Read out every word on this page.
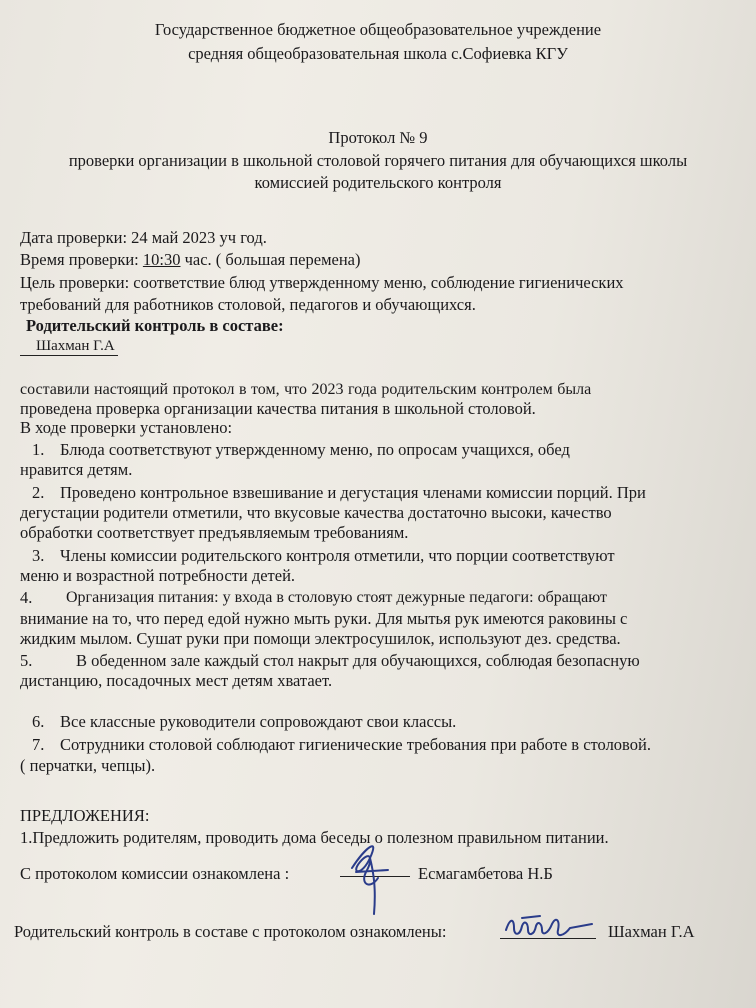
Государственное бюджетное общеобразовательное учреждение
средняя общеобразовательная школа с.Софиевка КГУ
Протокол № 9
проверки организации в школьной столовой горячего питания для обучающихся школы
комиссией родительского контроля
Дата проверки: 24 май 2023 уч год.
Время проверки: 10:30 час. ( большая перемена)
Цель проверки: соответствие блюд утвержденному меню, соблюдение гигиенических
требований для работников столовой, педагогов и обучающихся.
Родительский контроль в составе:
Шахман Г.А
составили настоящий протокол в том, что 2023 года родительским контролем была
проведена проверка организации качества питания в школьной столовой.
В ходе проверки установлено:
1. Блюда соответствуют утвержденному меню, по опросам учащихся, обед
нравится детям.
2. Проведено контрольное взвешивание и дегустация членами комиссии порций. При
дегустации родители отметили, что вкусовые качества достаточно высоки, качество
обработки соответствует предъявляемым требованиям.
3. Члены комиссии родительского контроля отметили, что порции соответствуют
меню и возрастной потребности детей.
4. Организация питания: у входа в столовую стоят дежурные педагоги: обращают
внимание на то, что перед едой нужно мыть руки. Для мытья рук имеются раковины с
жидким мылом. Сушат руки при помощи электросушилок, используют дез. средства.
5.	В обеденном зале каждый стол накрыт для обучающихся, соблюдая безопасную
дистанцию, посадочных мест детям хватает.
6. Все классные руководители сопровождают свои классы.
7. Сотрудники столовой соблюдают гигиенические требования при работе в столовой.
( перчатки, чепцы).
ПРЕДЛОЖЕНИЯ:
1.Предложить родителям, проводить дома беседы о полезном правильном питании.
С протоколом комиссии ознакомлена :	Есмагамбетова Н.Б
Родительский контроль в составе с протоколом ознакомлены:	Шахман Г.А
